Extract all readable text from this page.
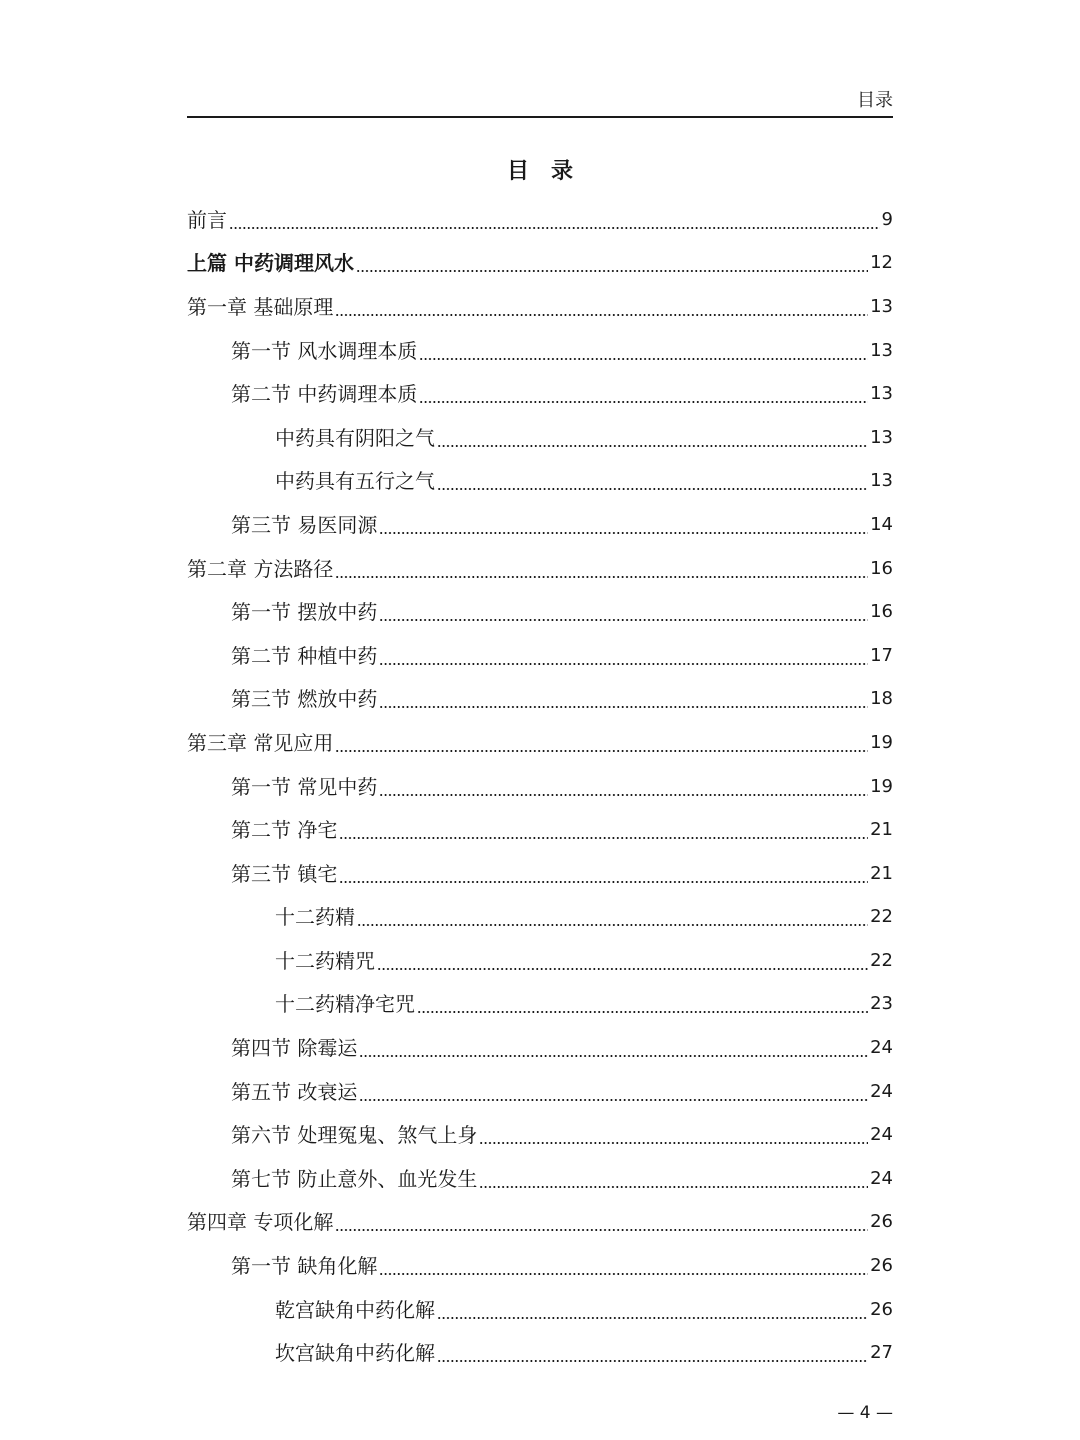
目录
目录
前言	9
上篇 中药调理风水	12
第一章 基础原理	13
第一节 风水调理本质	13
第二节 中药调理本质	13
中药具有阴阳之气	13
中药具有五行之气	13
第三节 易医同源	14
第二章 方法路径	16
第一节 摆放中药	16
第二节 种植中药	17
第三节 燃放中药	18
第三章 常见应用	19
第一节 常见中药	19
第二节 净宅	21
第三节 镇宅	21
十二药精	22
十二药精咒	22
十二药精净宅咒	23
第四节 除霉运	24
第五节 改衰运	24
第六节 处理冤鬼、煞气上身	24
第七节 防止意外、血光发生	24
第四章 专项化解	26
第一节 缺角化解	26
乾宫缺角中药化解	26
坎宫缺角中药化解	27
— 4 —
